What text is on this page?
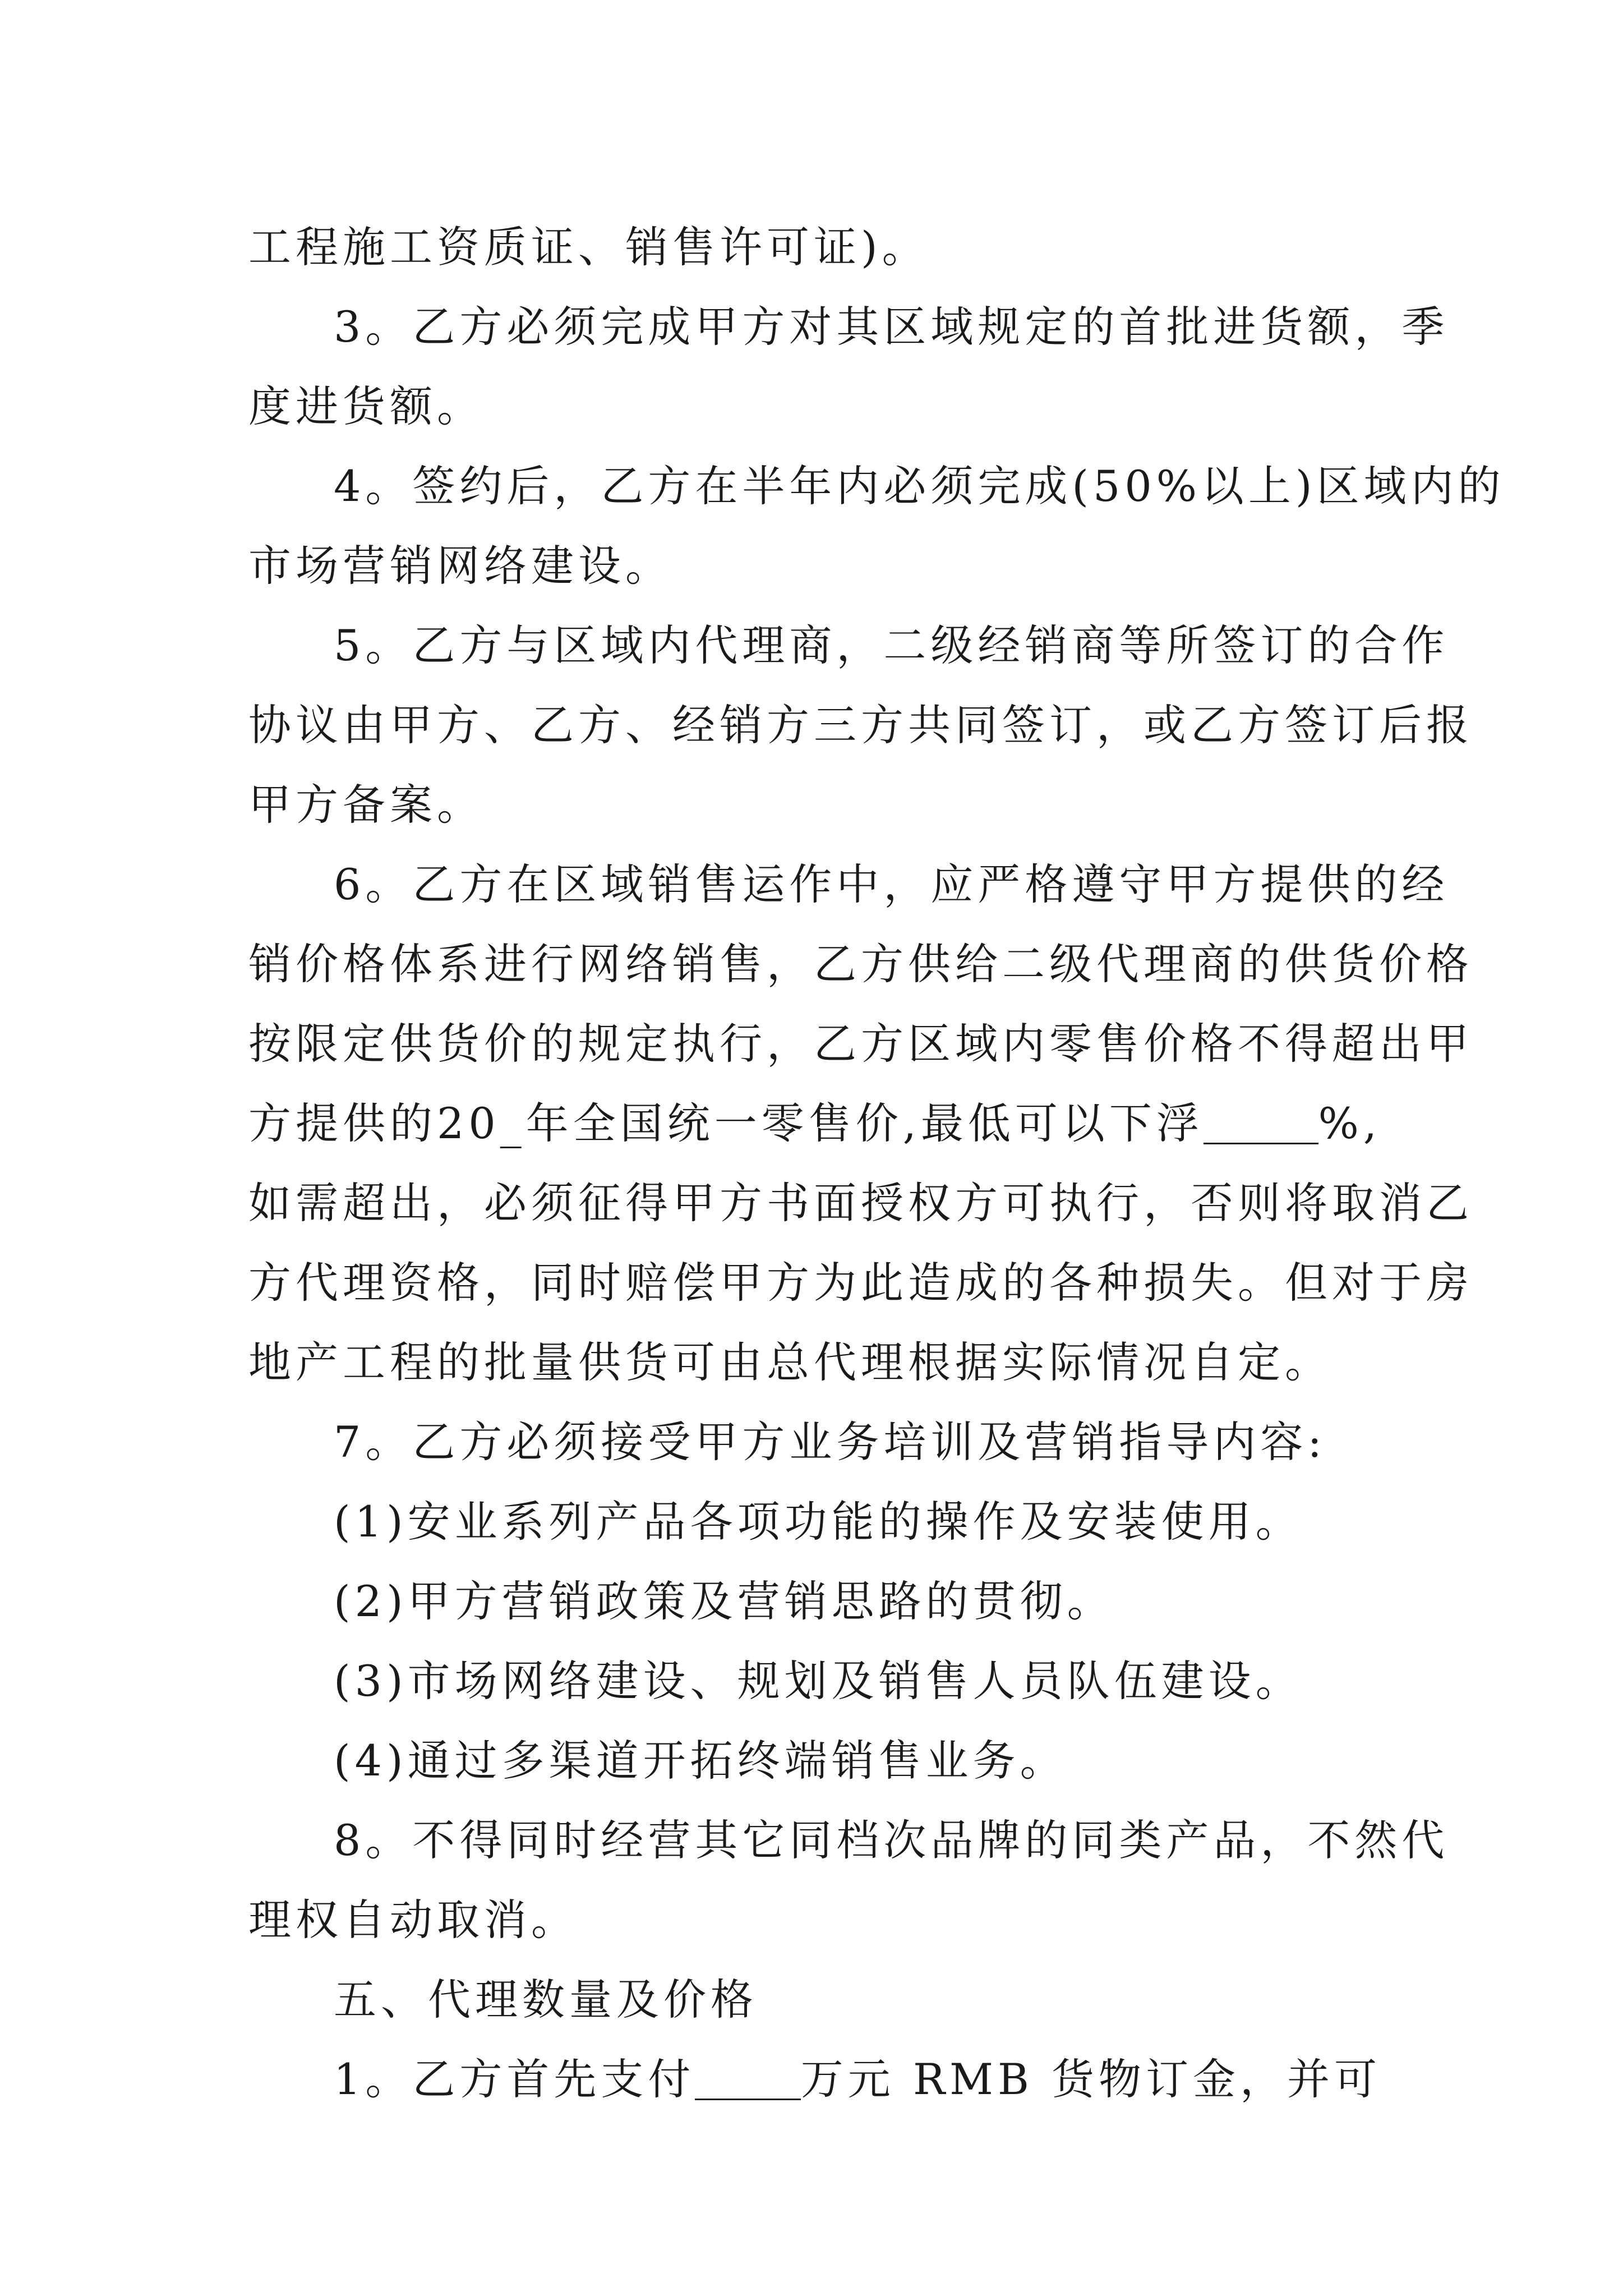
工程施工资质证、销售许可证)。
3。乙方必须完成甲方对其区域规定的首批进货额，季
度进货额。
4。签约后，乙方在半年内必须完成(50%以上)区域内的
市场营销网络建设。
5。乙方与区域内代理商，二级经销商等所签订的合作
协议由甲方、乙方、经销方三方共同签订，或乙方签订后报
甲方备案。
6。乙方在区域销售运作中，应严格遵守甲方提供的经
销价格体系进行网络销售，乙方供给二级代理商的供货价格
按限定供货价的规定执行，乙方区域内零售价格不得超出甲
方提供的20_年全国统一零售价,最低可以下浮	%,
如需超出，必须征得甲方书面授权方可执行，否则将取消乙
方代理资格，同时赔偿甲方为此造成的各种损失。但对于房
地产工程的批量供货可由总代理根据实际情况自定。
7。乙方必须接受甲方业务培训及营销指导内容:
(1)安业系列产品各项功能的操作及安装使用。
(2)甲方营销政策及营销思路的贯彻。
(3)市场网络建设、规划及销售人员队伍建设。
(4)通过多渠道开拓终端销售业务。
8。不得同时经营其它同档次品牌的同类产品，不然代
理权自动取消。
五、代理数量及价格
1。乙方首先支付 万元 RMB 货物订金，并可
